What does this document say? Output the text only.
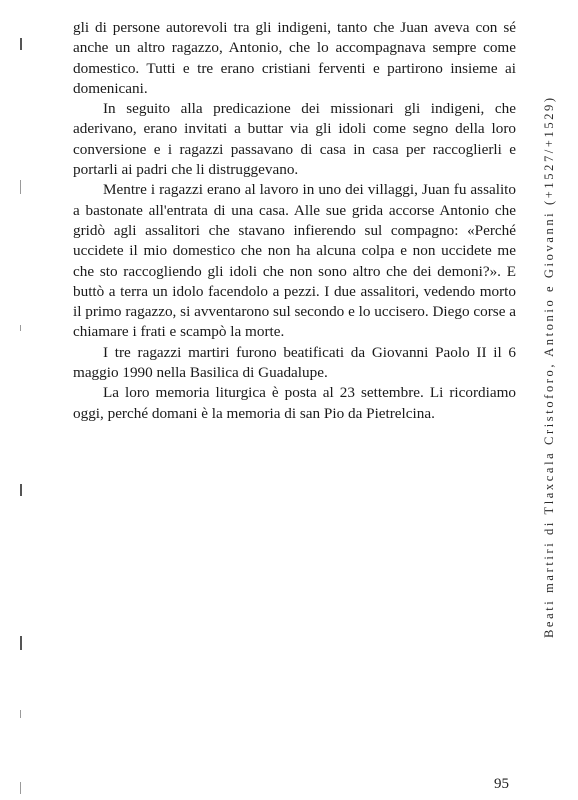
gli di persone autorevoli tra gli indigeni, tanto che Juan aveva con sé anche un altro ragazzo, Antonio, che lo accompagnava sempre come domestico. Tutti e tre erano cristiani ferventi e partirono insieme ai domenicani.

In seguito alla predicazione dei missionari gli indigeni, che aderivano, erano invitati a buttar via gli idoli come segno della loro conversione e i ragazzi passavano di casa in casa per raccoglierli e portarli ai padri che li distruggevano.

Mentre i ragazzi erano al lavoro in uno dei villaggi, Juan fu assalito a bastonate all'entrata di una casa. Alle sue grida accorse Antonio che gridò agli assalitori che stavano infierendo sul compagno: «Perché uccidete il mio domestico che non ha alcuna colpa e non uccidete me che sto raccogliendo gli idoli che non sono altro che dei demoni?». E buttò a terra un idolo facendolo a pezzi. I due assalitori, vedendo morto il primo ragazzo, si avventarono sul secondo e lo uccisero. Diego corse a chiamare i frati e scampò la morte.

I tre ragazzi martiri furono beatificati da Giovanni Paolo II il 6 maggio 1990 nella Basilica di Guadalupe.

La loro memoria liturgica è posta al 23 settembre. Li ricordiamo oggi, perché domani è la memoria di san Pio da Pietrelcina.	Beati martiri di Tlaxcala Cristoforo, Antonio e Giovanni (+1527/+1529)
95
